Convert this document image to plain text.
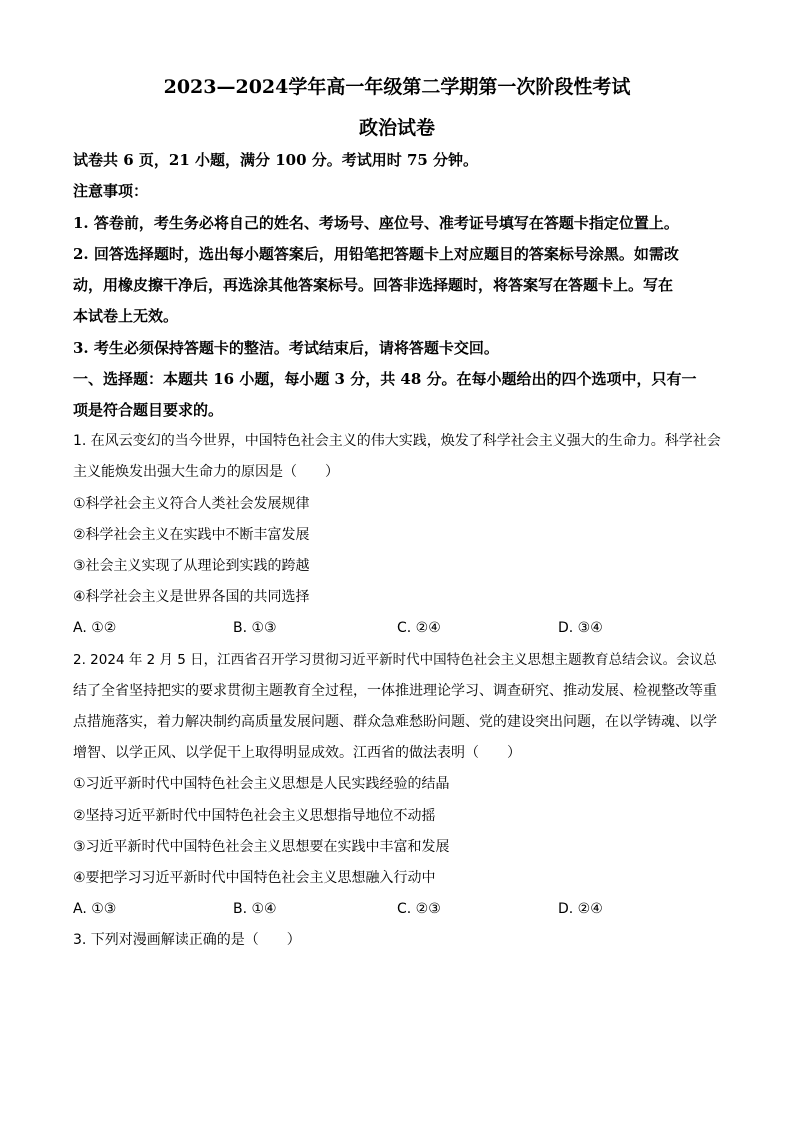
2023—2024学年高一年级第二学期第一次阶段性考试
政治试卷
试卷共 6 页，21 小题，满分 100 分。考试用时 75 分钟。
注意事项：
1. 答卷前，考生务必将自己的姓名、考场号、座位号、准考证号填写在答题卡指定位置上。
2. 回答选择题时，选出每小题答案后，用铅笔把答题卡上对应题目的答案标号涂黑。如需改
动，用橡皮擦干净后，再选涂其他答案标号。回答非选择题时，将答案写在答题卡上。写在
本试卷上无效。
3. 考生必须保持答题卡的整洁。考试结束后，请将答题卡交回。
一、选择题：本题共 16 小题，每小题 3 分，共 48 分。在每小题给出的四个选项中，只有一
项是符合题目要求的。
1. 在风云变幻的当今世界，中国特色社会主义的伟大实践，焕发了科学社会主义强大的生命力。科学社会
主义能焕发出强大生命力的原因是（　　）
①科学社会主义符合人类社会发展规律
②科学社会主义在实践中不断丰富发展
③社会主义实现了从理论到实践的跨越
④科学社会主义是世界各国的共同选择
A. ①②	B. ①③	C. ②④	D. ③④
2. 2024 年 2 月 5 日，江西省召开学习贯彻习近平新时代中国特色社会主义思想主题教育总结会议。会议总
结了全省坚持把实的要求贯彻主题教育全过程，一体推进理论学习、调查研究、推动发展、检视整改等重
点措施落实，着力解决制约高质量发展问题、群众急难愁盼问题、党的建设突出问题，在以学铸魂、以学
增智、以学正风、以学促干上取得明显成效。江西省的做法表明（　　）
①习近平新时代中国特色社会主义思想是人民实践经验的结晶
②坚持习近平新时代中国特色社会主义思想指导地位不动摇
③习近平新时代中国特色社会主义思想要在实践中丰富和发展
④要把学习习近平新时代中国特色社会主义思想融入行动中
A. ①③	B. ①④	C. ②③	D. ②④
3. 下列对漫画解读正确的是（　　）
